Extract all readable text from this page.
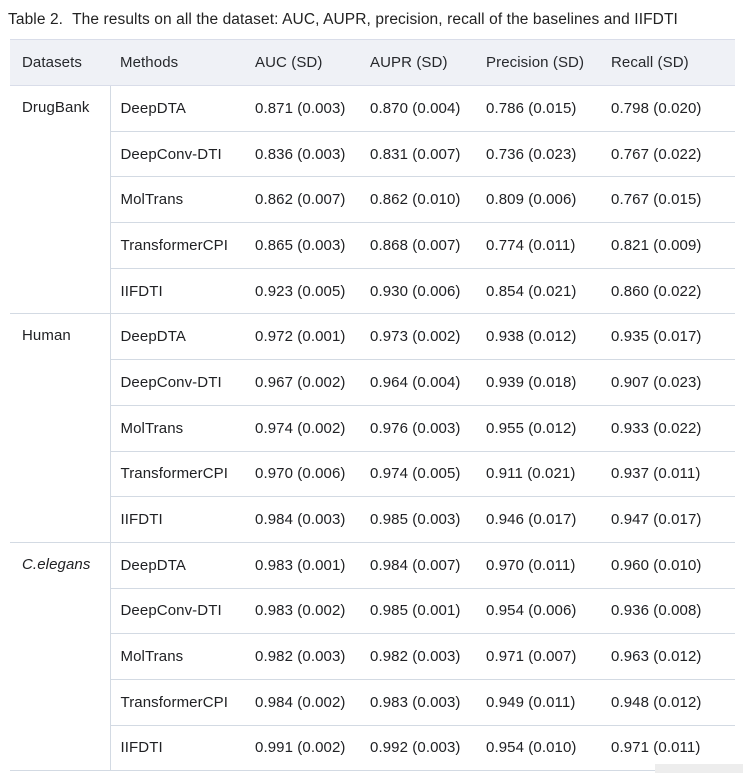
Table 2. The results on all the dataset: AUC, AUPR, precision, recall of the baselines and IIFDTI
Datasets	Methods	AUC (SD)	AUPR (SD)	Precision (SD)	Recall (SD)
DrugBank	DeepDTA	0.871 (0.003)	0.870 (0.004)	0.786 (0.015)	0.798 (0.020)
	DeepConv-DTI	0.836 (0.003)	0.831 (0.007)	0.736 (0.023)	0.767 (0.022)
	MolTrans	0.862 (0.007)	0.862 (0.010)	0.809 (0.006)	0.767 (0.015)
	TransformerCPI	0.865 (0.003)	0.868 (0.007)	0.774 (0.011)	0.821 (0.009)
	IIFDTI	0.923 (0.005)	0.930 (0.006)	0.854 (0.021)	0.860 (0.022)
Human	DeepDTA	0.972 (0.001)	0.973 (0.002)	0.938 (0.012)	0.935 (0.017)
	DeepConv-DTI	0.967 (0.002)	0.964 (0.004)	0.939 (0.018)	0.907 (0.023)
	MolTrans	0.974 (0.002)	0.976 (0.003)	0.955 (0.012)	0.933 (0.022)
	TransformerCPI	0.970 (0.006)	0.974 (0.005)	0.911 (0.021)	0.937 (0.011)
	IIFDTI	0.984 (0.003)	0.985 (0.003)	0.946 (0.017)	0.947 (0.017)
C.elegans	DeepDTA	0.983 (0.001)	0.984 (0.007)	0.970 (0.011)	0.960 (0.010)
	DeepConv-DTI	0.983 (0.002)	0.985 (0.001)	0.954 (0.006)	0.936 (0.008)
	MolTrans	0.982 (0.003)	0.982 (0.003)	0.971 (0.007)	0.963 (0.012)
	TransformerCPI	0.984 (0.002)	0.983 (0.003)	0.949 (0.011)	0.948 (0.012)
	IIFDTI	0.991 (0.002)	0.992 (0.003)	0.954 (0.010)	0.971 (0.011)
